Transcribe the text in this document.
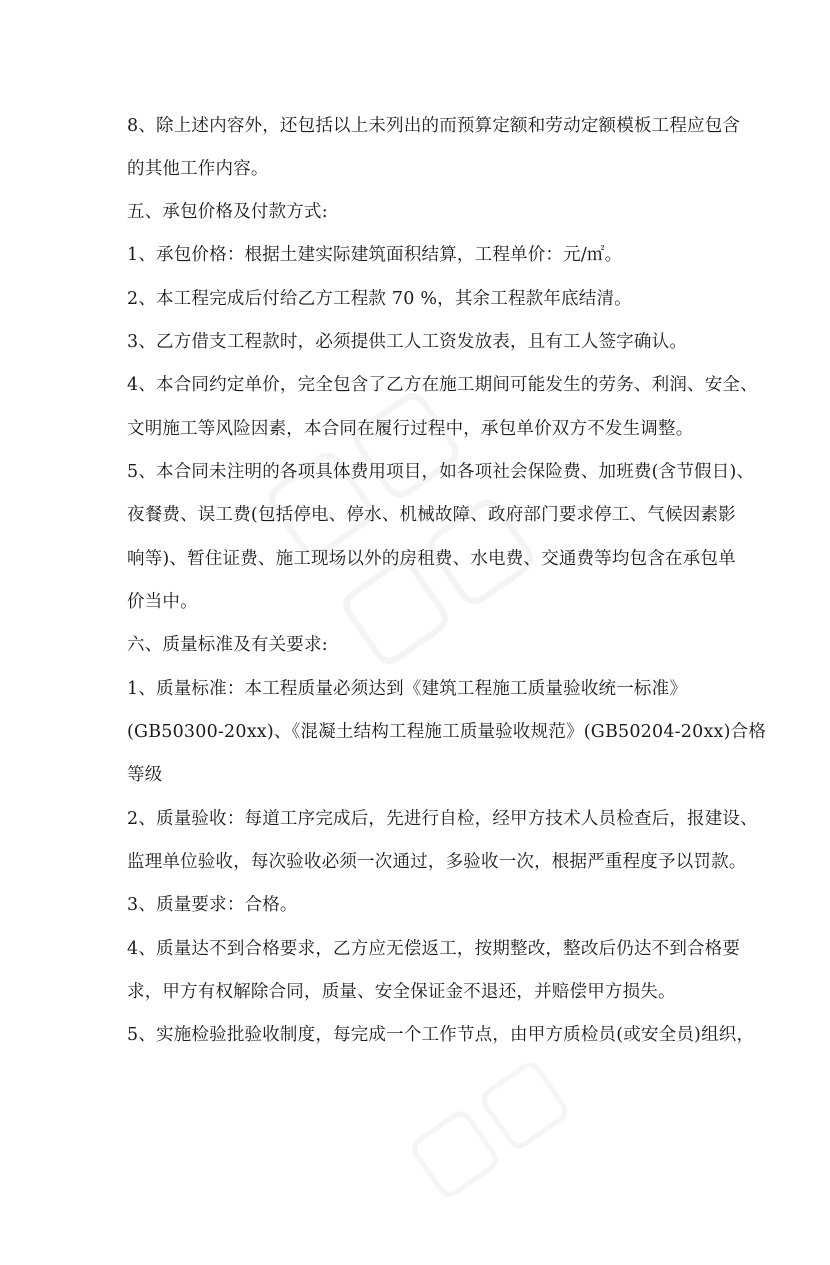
8、除上述内容外，还包括以上未列出的而预算定额和劳动定额模板工程应包含
的其他工作内容。
五、承包价格及付款方式:
1、承包价格：根据土建实际建筑面积结算，工程单价：元/㎡。
2、本工程完成后付给乙方工程款 70 %，其余工程款年底结清。
3、乙方借支工程款时，必须提供工人工资发放表，且有工人签字确认。
4、本合同约定单价，完全包含了乙方在施工期间可能发生的劳务、利润、安全、
文明施工等风险因素，本合同在履行过程中，承包单价双方不发生调整。
5、本合同未注明的各项具体费用项目，如各项社会保险费、加班费(含节假日)、
夜餐费、误工费(包括停电、停水、机械故障、政府部门要求停工、气候因素影
响等)、暂住证费、施工现场以外的房租费、水电费、交通费等均包含在承包单
价当中。
六、质量标准及有关要求:
1、质量标准：本工程质量必须达到《建筑工程施工质量验收统一标准》
(GB50300-20xx)、《混凝土结构工程施工质量验收规范》(GB50204-20xx)合格
等级
2、质量验收：每道工序完成后，先进行自检，经甲方技术人员检查后，报建设、
监理单位验收，每次验收必须一次通过，多验收一次，根据严重程度予以罚款。
3、质量要求：合格。
4、质量达不到合格要求，乙方应无偿返工，按期整改，整改后仍达不到合格要
求，甲方有权解除合同，质量、安全保证金不退还，并赔偿甲方损失。
5、实施检验批验收制度，每完成一个工作节点，由甲方质检员(或安全员)组织，
